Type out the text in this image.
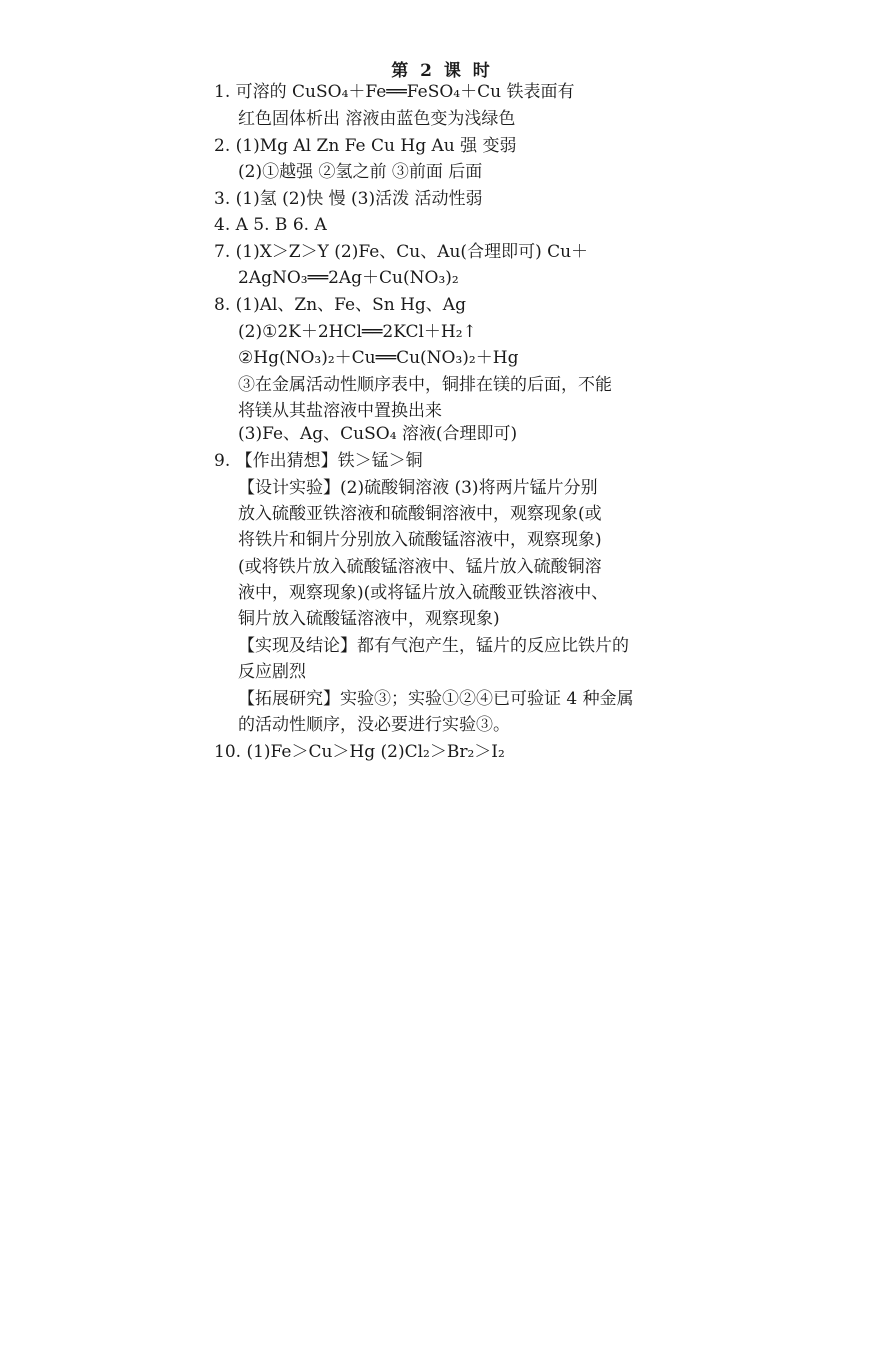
第 2 课 时
1. 可溶的 CuSO₄＋Fe══FeSO₄＋Cu 铁表面有
红色固体析出 溶液由蓝色变为浅绿色
2. (1)Mg Al Zn Fe Cu Hg Au 强 变弱
(2)①越强 ②氢之前 ③前面 后面
3. (1)氢 (2)快 慢 (3)活泼 活动性弱
4. A 5. B 6. A
7. (1)X＞Z＞Y (2)Fe、Cu、Au(合理即可) Cu＋
2AgNO₃══2Ag＋Cu(NO₃)₂
8. (1)Al、Zn、Fe、Sn Hg、Ag
(2)①2K＋2HCl══2KCl＋H₂↑
②Hg(NO₃)₂＋Cu══Cu(NO₃)₂＋Hg
③在金属活动性顺序表中，铜排在镁的后面，不能
将镁从其盐溶液中置换出来
(3)Fe、Ag、CuSO₄ 溶液(合理即可)
9. 【作出猜想】铁＞锰＞铜
【设计实验】(2)硫酸铜溶液 (3)将两片锰片分别
放入硫酸亚铁溶液和硫酸铜溶液中，观察现象(或
将铁片和铜片分别放入硫酸锰溶液中，观察现象)
(或将铁片放入硫酸锰溶液中、锰片放入硫酸铜溶
液中，观察现象)(或将锰片放入硫酸亚铁溶液中、
铜片放入硫酸锰溶液中，观察现象)
【实现及结论】都有气泡产生，锰片的反应比铁片的
反应剧烈
【拓展研究】实验③；实验①②④已可验证 4 种金属
的活动性顺序，没必要进行实验③。
10. (1)Fe＞Cu＞Hg (2)Cl₂＞Br₂＞I₂
